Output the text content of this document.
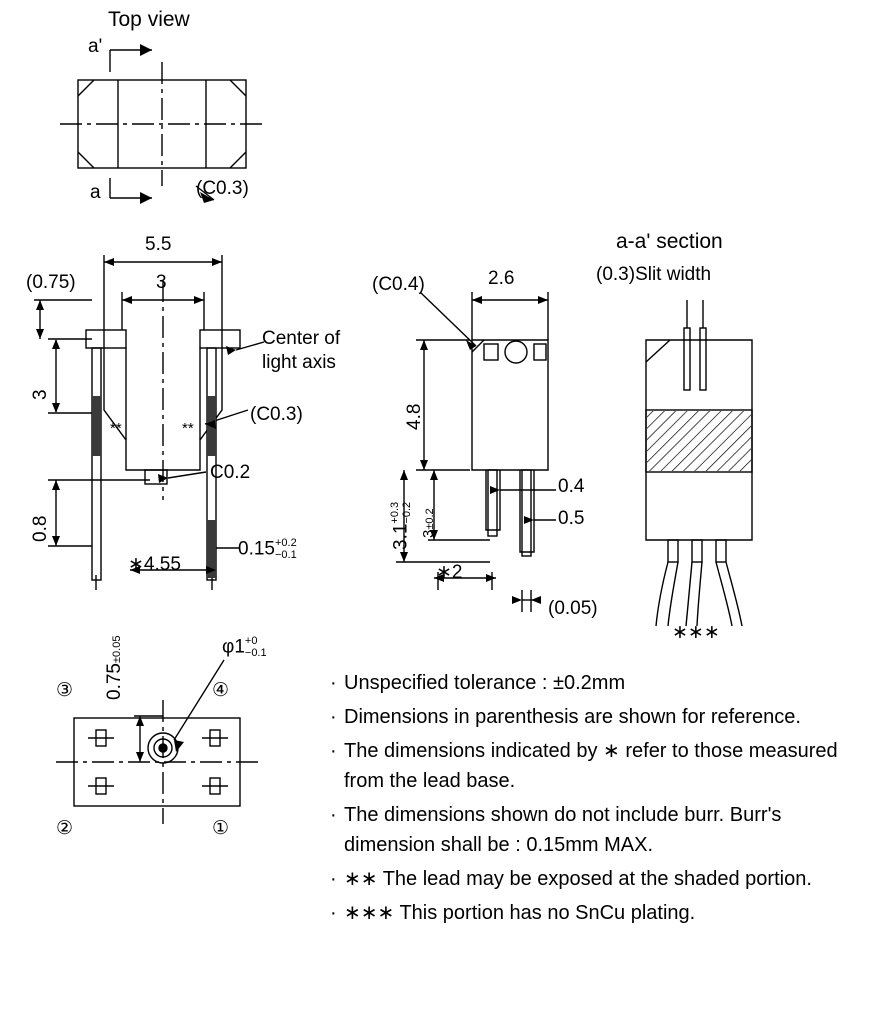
Top view
a'
a	(C0.3)
5.5
3
(0.75)
3
0.8
Center of
light axis
(C0.3)
C0.2
**	**
∗4.55
0.15 +0.2
−0.1
(C0.4)	2.6
4.8
3.1
+0.3 −0.2
3±0.2
0.4
0.5
(0.05)
∗2
a-a' section
(0.3)Slit width
∗∗∗
φ1 +0
−0.1
0.75±0.05
③	④
②	①
· Unspecified tolerance : ±0.2mm
· Dimensions in parenthesis are shown for reference.
· The dimensions indicated by ∗ refer to those measured from the lead base.
· The dimensions shown do not include burr. Burr's dimension shall be : 0.15mm MAX.
· ∗∗ The lead may be exposed at the shaded portion.
· ∗∗∗ This portion has no SnCu plating.
